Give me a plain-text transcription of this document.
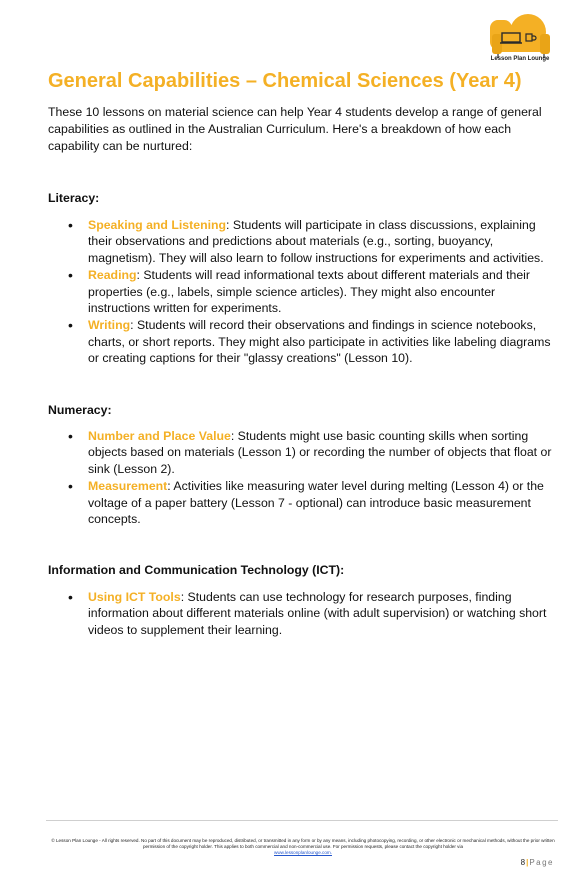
Lesson Plan Lounge
General Capabilities – Chemical Sciences (Year 4)

These 10 lessons on material science can help Year 4 students develop a range of general capabilities as outlined in the Australian Curriculum. Here's a breakdown of how each capability can be nurtured:

Literacy:
• Speaking and Listening: Students will participate in class discussions, explaining their observations and predictions about materials (e.g., sorting, buoyancy, magnetism). They will also learn to follow instructions for experiments and activities.
• Reading: Students will read informational texts about different materials and their properties (e.g., labels, simple science articles). They might also encounter instructions written for experiments.
• Writing: Students will record their observations and findings in science notebooks, charts, or short reports. They might also participate in activities like labeling diagrams or creating captions for their "glassy creations" (Lesson 10).
Numeracy:
• Number and Place Value: Students might use basic counting skills when sorting objects based on materials (Lesson 1) or recording the number of objects that float or sink (Lesson 2).
• Measurement: Activities like measuring water level during melting (Lesson 4) or the voltage of a paper battery (Lesson 7 - optional) can introduce basic measurement concepts.
Information and Communication Technology (ICT):
• Using ICT Tools: Students can use technology for research purposes, finding information about different materials online (with adult supervision) or watching short videos to supplement their learning.

© Lesson Plan Lounge - All rights reserved. No part of this document may be reproduced, distributed, or transmitted in any form or by any means, including photocopying, recording, or other electronic or mechanical methods, without the prior written permission of the copyright holder. This applies to both commercial and non-commercial use. For permission requests, please contact the copyright holder via
www.lessonplanlounge.com.

8|Page
